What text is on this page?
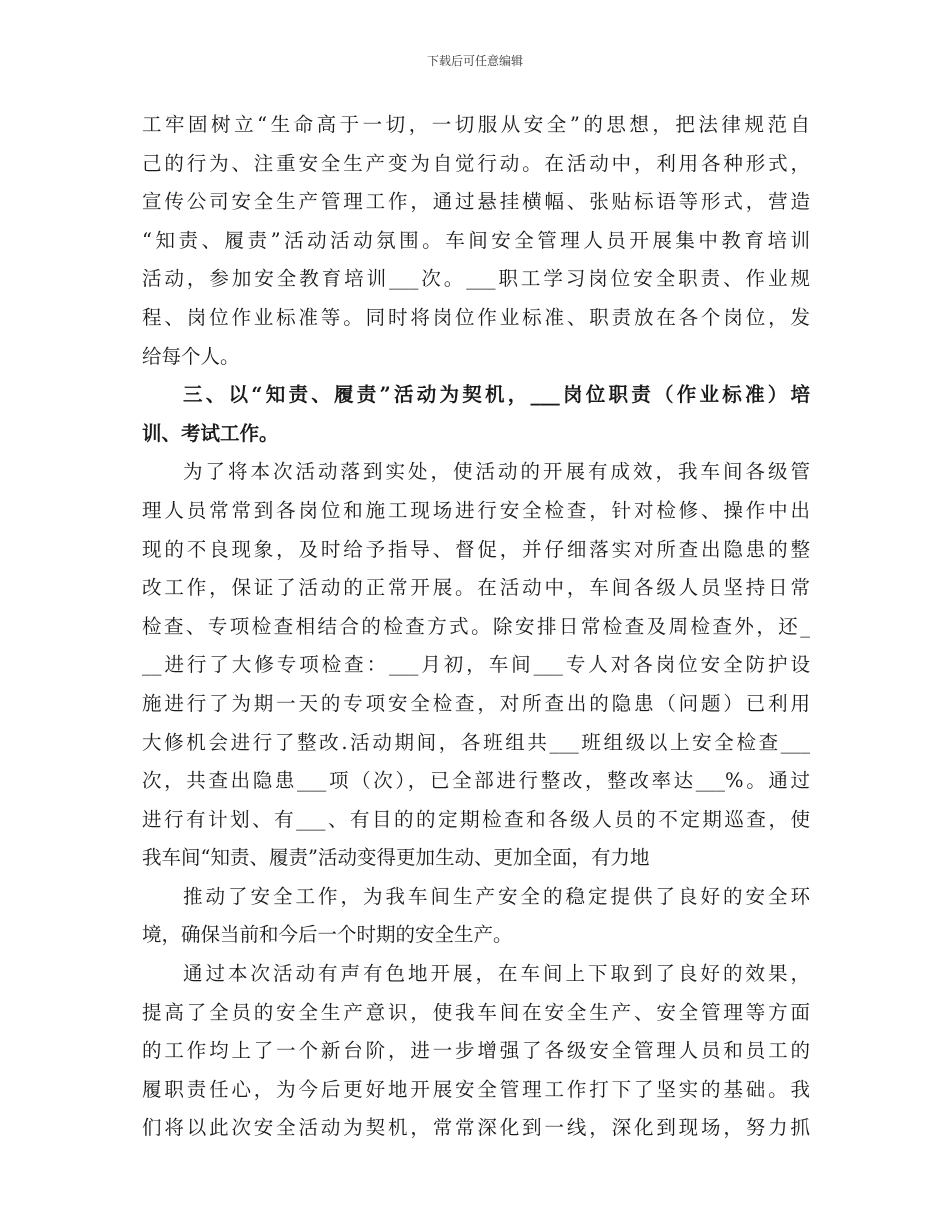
下载后可任意编辑
工牢固树立“生命高于一切，一切服从安全”的思想，把法律规范自
己的行为、注重安全生产变为自觉行动。在活动中，利用各种形式，
宣传公司安全生产管理工作，通过悬挂横幅、张贴标语等形式，营造
“知责、履责”活动活动氛围。车间安全管理人员开展集中教育培训
活动，参加安全教育培训___次。___职工学习岗位安全职责、作业规
程、岗位作业标准等。同时将岗位作业标准、职责放在各个岗位，发
给每个人。
三、以“知责、履责”活动为契机，___岗位职责（作业标准）培
训、考试工作。
为了将本次活动落到实处，使活动的开展有成效，我车间各级管
理人员常常到各岗位和施工现场进行安全检查，针对检修、操作中出
现的不良现象，及时给予指导、督促，并仔细落实对所查出隐患的整
改工作，保证了活动的正常开展。在活动中，车间各级人员坚持日常
检查、专项检查相结合的检查方式。除安排日常检查及周检查外，还_
__进行了大修专项检查：___月初，车间___专人对各岗位安全防护设
施进行了为期一天的专项安全检查，对所查出的隐患（问题）已利用
大修机会进行了整改.活动期间，各班组共___班组级以上安全检查___
次，共查出隐患___项（次），已全部进行整改，整改率达___%。通过
进行有计划、有___、有目的的定期检查和各级人员的不定期巡查，使
我车间“知责、履责”活动变得更加生动、更加全面，有力地
推动了安全工作，为我车间生产安全的稳定提供了良好的安全环
境，确保当前和今后一个时期的安全生产。
通过本次活动有声有色地开展，在车间上下取到了良好的效果，
提高了全员的安全生产意识，使我车间在安全生产、安全管理等方面
的工作均上了一个新台阶，进一步增强了各级安全管理人员和员工的
履职责任心，为今后更好地开展安全管理工作打下了坚实的基础。我
们将以此次安全活动为契机，常常深化到一线，深化到现场，努力抓
